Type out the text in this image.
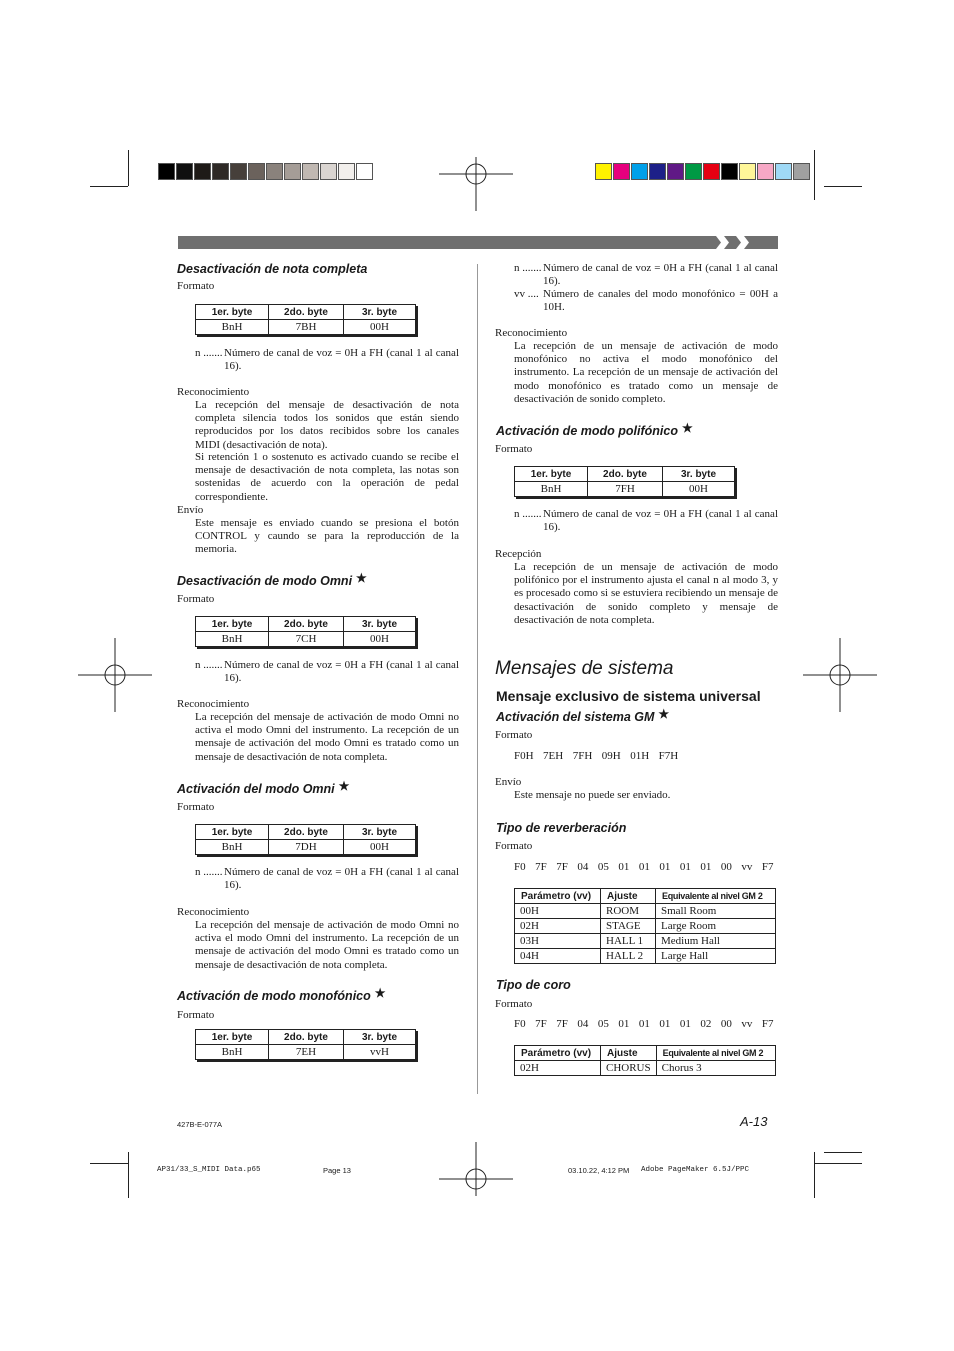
Desactivación de nota completa
Formato
1er. byte	2do. byte	3r. byte
BnH	7BH	00H
n ....... Número de canal de voz = 0H a FH (canal 1 al canal 16).
Reconocimiento
La recepción del mensaje de desactivación de nota completa silencia todos los sonidos que están siendo reproducidos por los datos recibidos sobre los canales MIDI (desactivación de nota).
Si retención 1 o sostenuto es activado cuando se recibe el mensaje de desactivación de nota completa, las notas son sostenidas de acuerdo con la operación de pedal correspondiente.
Envío
Este mensaje es enviado cuando se presiona el botón CONTROL y caundo se para la reproducción de la memoria.
Desactivación de modo Omni ★
Formato
1er. byte	2do. byte	3r. byte
BnH	7CH	00H
n ....... Número de canal de voz = 0H a FH (canal 1 al canal 16).
Reconocimiento
La recepción del mensaje de activación de modo Omni no activa el modo Omni del instrumento. La recepción de un mensaje de activación del modo Omni es tratado como un mensaje de desactivación de nota completa.
Activación del modo Omni ★
Formato
1er. byte	2do. byte	3r. byte
BnH	7DH	00H
n ....... Número de canal de voz = 0H a FH (canal 1 al canal 16).
Reconocimiento
La recepción del mensaje de activación de modo Omni no activa el modo Omni del instrumento. La recepción de un mensaje de activación del modo Omni es tratado como un mensaje de desactivación de nota completa.
Activación de modo monofónico ★
Formato
1er. byte	2do. byte	3r. byte
BnH	7EH	vvH
n ....... Número de canal de voz = 0H a FH (canal 1 al canal 16).
vv .... Número de canales del modo monofónico = 00H a 10H.
Reconocimiento
La recepción de un mensaje de activación de modo monofónico no activa el modo monofónico del instrumento. La recepción de un mensaje de activación del modo monofónico es tratado como un mensaje de desactivación de sonido completo.
Activación de modo polifónico ★
Formato
1er. byte	2do. byte	3r. byte
BnH	7FH	00H
n ....... Número de canal de voz = 0H a FH (canal 1 al canal 16).
Recepción
La recepción de un mensaje de activación de modo polifónico por el instrumento ajusta el canal n al modo 3, y es procesado como si se estuviera recibiendo un mensaje de desactivación de sonido completo y mensaje de desactivación de nota completa.
Mensajes de sistema
Mensaje exclusivo de sistema universal
Activación del sistema GM ★
Formato
F0H  7EH  7FH  09H  01H  F7H
Envío
Este mensaje no puede ser enviado.
Tipo de reverberación
Formato
F0  7F  7F  04  05  01  01  01  01  01  00  vv  F7
Parámetro (vv)	Ajuste	Equivalente al nivel GM 2
00H	ROOM	Small Room
02H	STAGE	Large Room
03H	HALL 1	Medium Hall
04H	HALL 2	Large Hall
Tipo de coro
Formato
F0  7F  7F  04  05  01  01  01  01  02  00  vv  F7
Parámetro (vv)	Ajuste	Equivalente al nivel GM 2
02H	CHORUS	Chorus 3
427B-E-077A	A-13
AP31/33_S_MIDI Data.p65	Page 13	03.10.22, 4:12 PM Adobe PageMaker 6.5J/PPC
